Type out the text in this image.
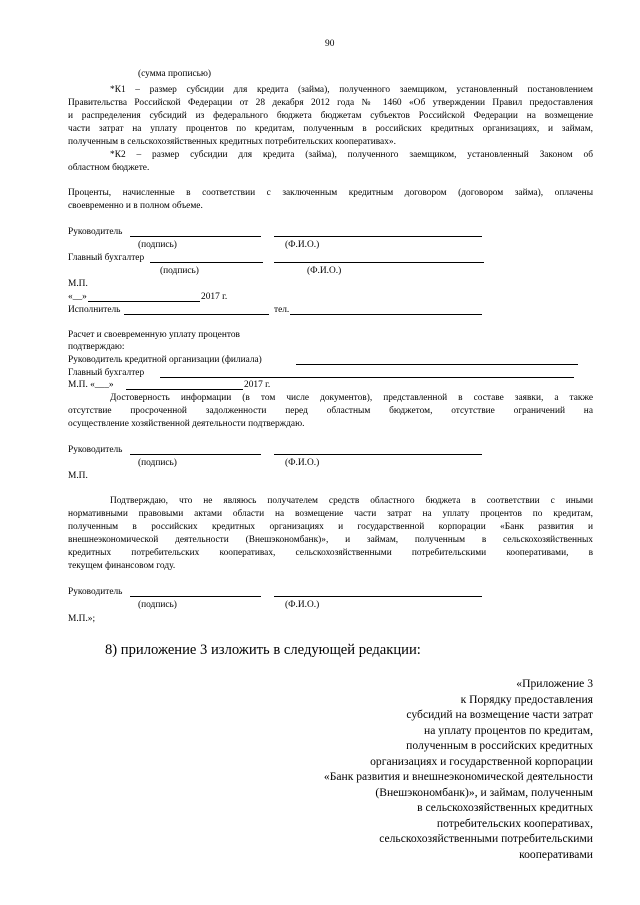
90
(сумма прописью)
*К1 – размер субсидии для кредита (займа), полученного заемщиком, установленный постановлением
Правительства Российской Федерации от 28 декабря 2012 года № 1460 «Об утверждении Правил предоставления
и распределения субсидий из федерального бюджета бюджетам субъектов Российской Федерации на возмещение
части затрат на уплату процентов по кредитам, полученным в российских кредитных организациях, и займам,
полученным в сельскохозяйственных кредитных потребительских кооперативах».
*К2 – размер субсидии для кредита (займа), полученного заемщиком, установленный Законом об
областном бюджете.
Проценты, начисленные в соответствии с заключенным кредитным договором (договором займа), оплачены
своевременно и в полном объеме.
Руководитель
(подпись)	(Ф.И.О.)
Главный бухгалтер
(подпись)	(Ф.И.О.)
М.П.
«__»	2017 г.
Исполнитель	тел.
Расчет и своевременную уплату процентов
подтверждаю:
Руководитель кредитной организации (филиала)
Главный бухгалтер
М.П. «___»	2017 г.
Достоверность информации (в том числе документов), представленной в составе заявки, а также
отсутствие просроченной задолженности перед областным бюджетом, отсутствие ограничений на
осуществление хозяйственной деятельности подтверждаю.
Руководитель
(подпись)	(Ф.И.О.)
М.П.
Подтверждаю, что не являюсь получателем средств областного бюджета в соответствии с иными
нормативными правовыми актами области на возмещение части затрат на уплату процентов по кредитам,
полученным в российских кредитных организациях и государственной корпорации «Банк развития и
внешнеэкономической деятельности (Внешэкономбанк)», и займам, полученным в сельскохозяйственных
кредитных потребительских кооперативах, сельскохозяйственными потребительскими кооперативами, в
текущем финансовом году.
Руководитель
(подпись)	(Ф.И.О.)
М.П.»;
8) приложение 3 изложить в следующей редакции:
«Приложение 3
к Порядку предоставления
субсидий на возмещение части затрат
на уплату процентов по кредитам,
полученным в российских кредитных
организациях и государственной корпорации
«Банк развития и внешнеэкономической деятельности
(Внешэкономбанк)», и займам, полученным
в сельскохозяйственных кредитных
потребительских кооперативах,
сельскохозяйственными потребительскими
кооперативами
